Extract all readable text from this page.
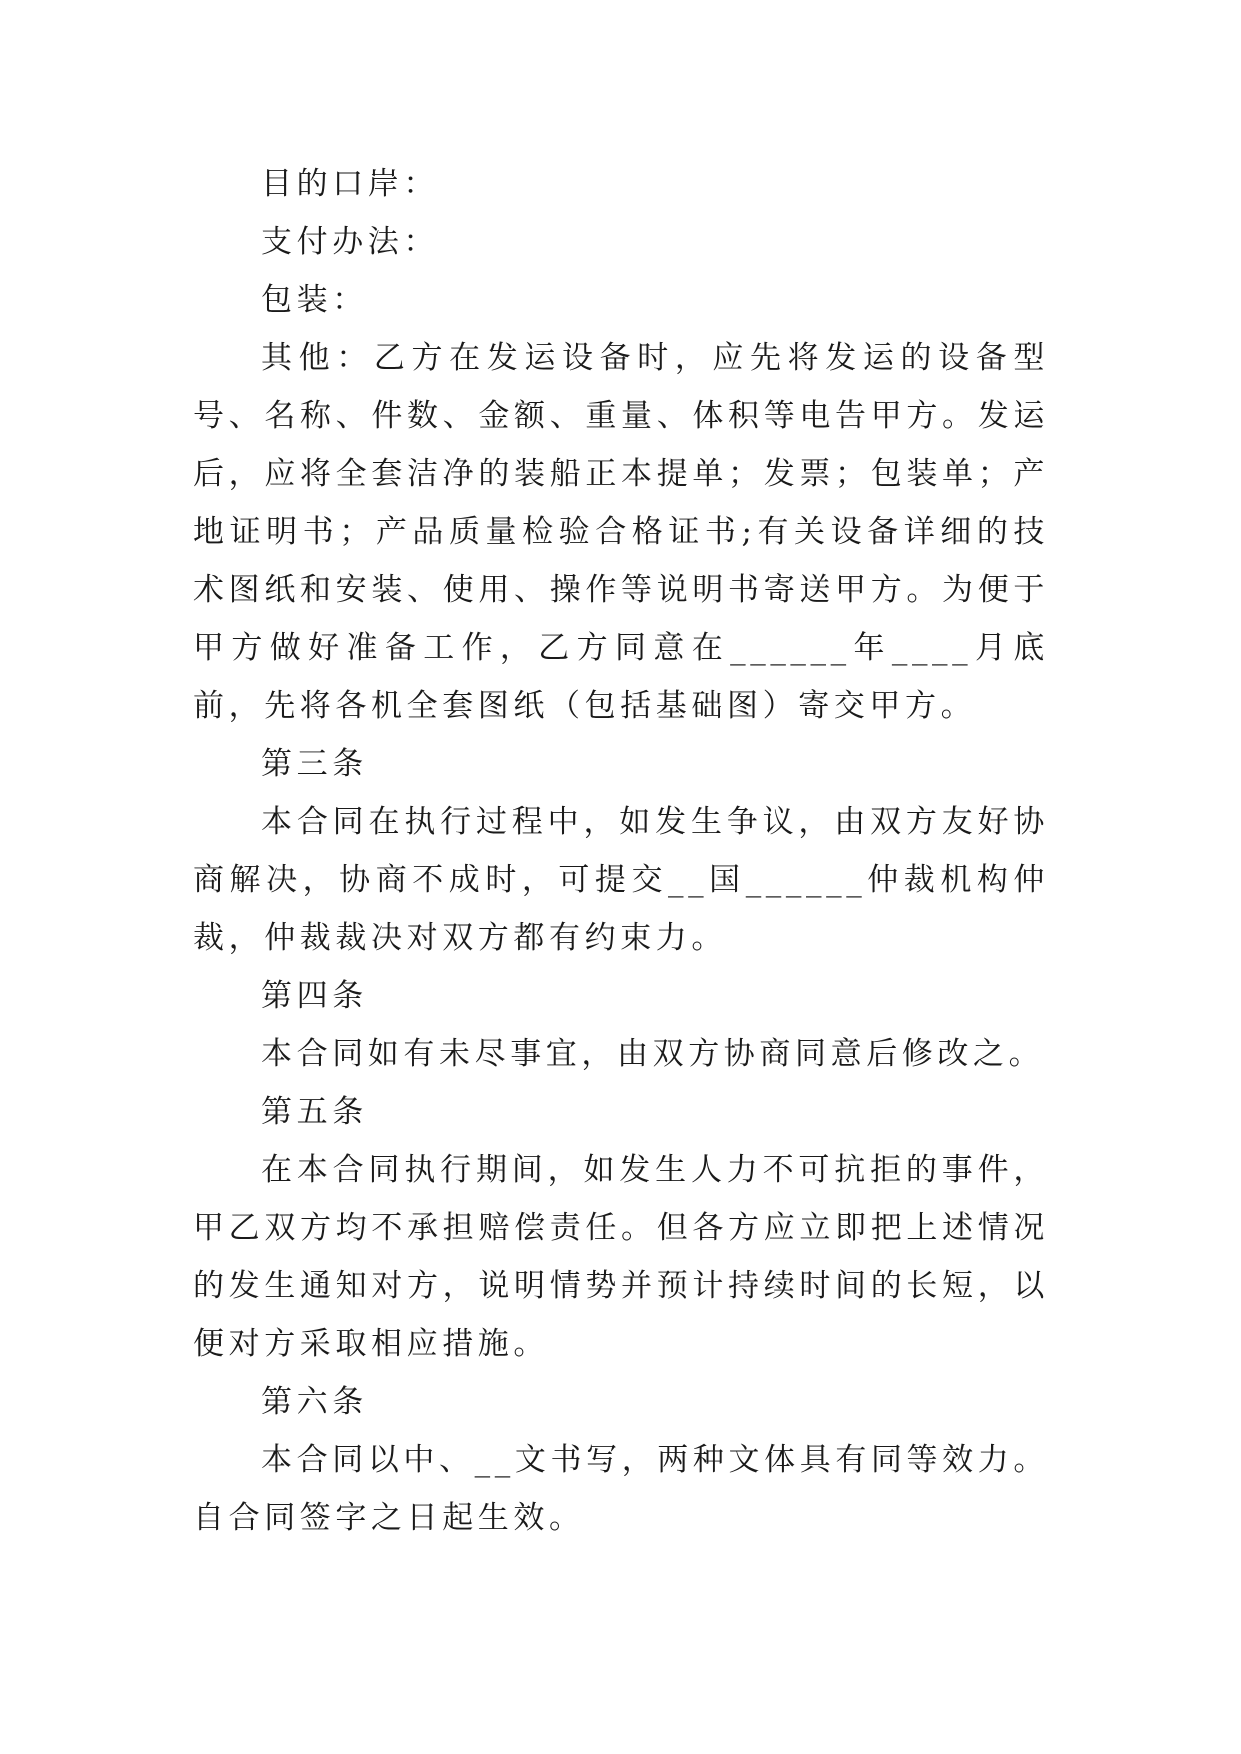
目的口岸：

支付办法：

包装：

其他：乙方在发运设备时，应先将发运的设备型号、名称、件数、金额、重量、体积等电告甲方。发运后，应将全套洁净的装船正本提单；发票；包装单；产地证明书；产品质量检验合格证书;有关设备详细的技术图纸和安装、使用、操作等说明书寄送甲方。为便于甲方做好准备工作，乙方同意在______年____月底前，先将各机全套图纸（包括基础图）寄交甲方。

第三条

本合同在执行过程中，如发生争议，由双方友好协商解决，协商不成时，可提交__国______仲裁机构仲裁，仲裁裁决对双方都有约束力。

第四条

本合同如有未尽事宜，由双方协商同意后修改之。

第五条

在本合同执行期间，如发生人力不可抗拒的事件，甲乙双方均不承担赔偿责任。但各方应立即把上述情况的发生通知对方，说明情势并预计持续时间的长短，以便对方采取相应措施。

第六条

本合同以中、__文书写，两种文体具有同等效力。自合同签字之日起生效。
